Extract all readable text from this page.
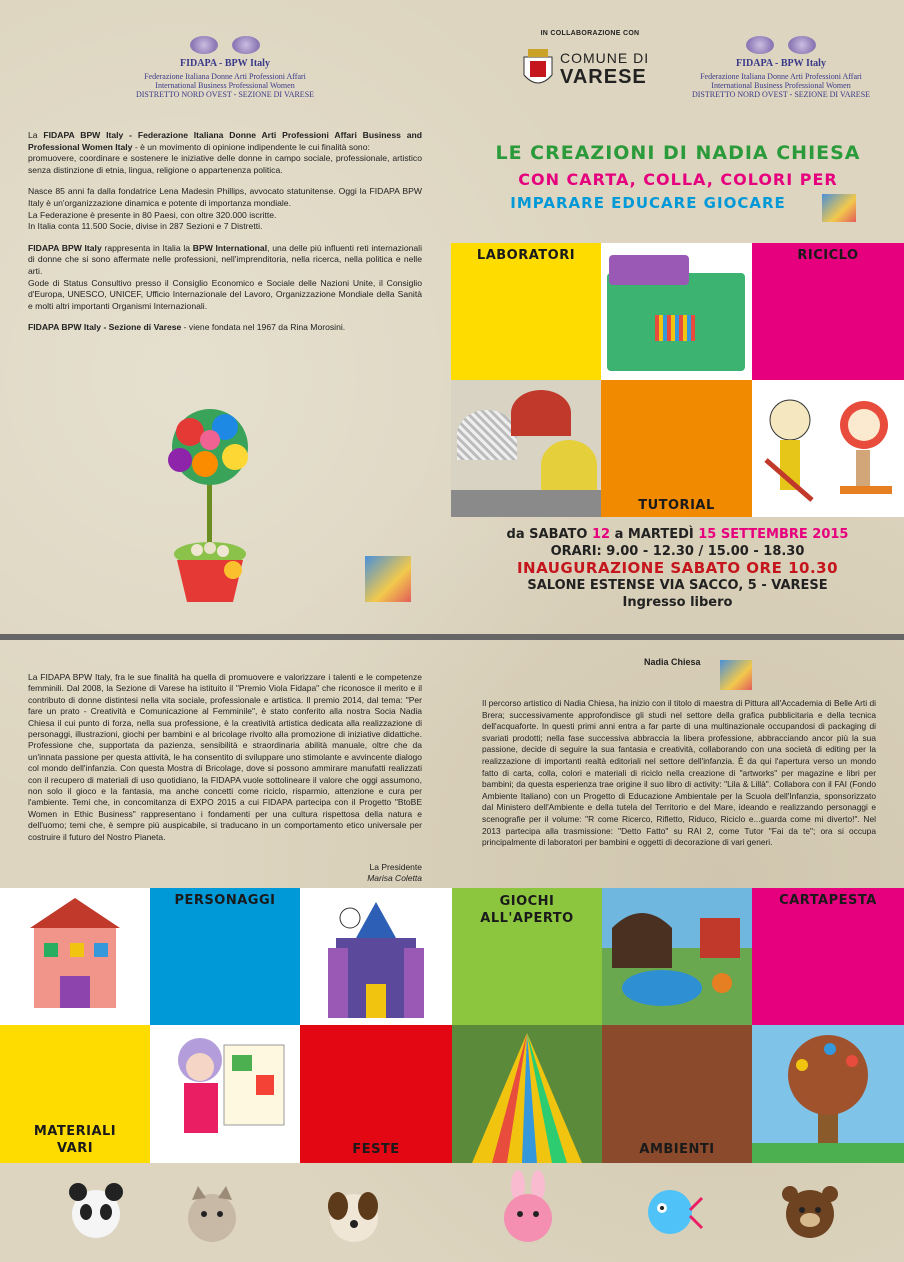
FIDAPA - BPW Italy
Federazione Italiana Donne Arti Professioni Affari
International Business Professional Women
DISTRETTO NORD OVEST - SEZIONE DI VARESE

La FIDAPA BPW Italy - Federazione Italiana Donne Arti Professioni Affari Business and Professional Women Italy - è un movimento di opinione indipendente le cui finalità sono:
promuovere, coordinare e sostenere le iniziative delle donne in campo sociale, professionale, artistico senza distinzione di etnia, lingua, religione o appartenenza politica.

Nasce 85 anni fa dalla fondatrice Lena Madesin Phillips, avvocato statunitense. Oggi la FIDAPA BPW Italy è un'organizzazione dinamica e potente di importanza mondiale.
La Federazione è presente in 80 Paesi, con oltre 320.000 iscritte.
In Italia conta 11.500 Socie, divise in 287 Sezioni e 7 Distretti.

FIDAPA BPW Italy rappresenta in Italia la BPW International, una delle più influenti reti internazionali di donne che si sono affermate nelle professioni, nell'imprenditoria, nella ricerca, nella politica e nelle arti.
Gode di Status Consultivo presso il Consiglio Economico e Sociale delle Nazioni Unite, il Consiglio d'Europa, UNESCO, UNICEF, Ufficio Internazionale del Lavoro, Organizzazione Mondiale della Sanità e molti altri importanti Organismi Internazionali.

FIDAPA BPW Italy - Sezione di Varese - viene fondata nel 1967 da Rina Morosini.

IN COLLABORAZIONE CON
COMUNE DI
VARESE
FIDAPA - BPW Italy
Federazione Italiana Donne Arti Professioni Affari
International Business Professional Women
DISTRETTO NORD OVEST - SEZIONE DI VARESE
LE CREAZIONI DI NADIA CHIESA
CON CARTA, COLLA, COLORI PER
IMPARARE EDUCARE GIOCARE
LABORATORI	RICICLO
TUTORIAL
da SABATO 12 a MARTEDÌ 15 SETTEMBRE 2015
ORARI: 9.00 - 12.30 / 15.00 - 18.30
INAUGURAZIONE SABATO ORE 10.30
SALONE ESTENSE VIA SACCO, 5 - VARESE
Ingresso libero
La FIDAPA BPW Italy, fra le sue finalità ha quella di promuovere e valorizzare i talenti e le competenze femminili. Dal 2008, la Sezione di Varese ha istituito il "Premio Viola Fidapa" che riconosce il merito e il contributo di donne distintesi nella vita sociale, professionale e artistica. Il premio 2014, dal tema: "Per fare un prato - Creatività e Comunicazione al Femminile", è stato conferito alla nostra Socia Nadia Chiesa il cui punto di forza, nella sua professione, è la creatività artistica dedicata alla realizzazione di personaggi, illustrazioni, giochi per bambini e al bricolage rivolto alla promozione di iniziative didattiche. Professione che, supportata da pazienza, sensibilità e straordinaria abilità manuale, oltre che da un'innata passione per questa attività, le ha consentito di sviluppare uno stimolante e avvincente dialogo col mondo dell'infanzia. Con questa Mostra di Bricolage, dove si possono ammirare manufatti realizzati con il recupero di materiali di uso quotidiano, la FIDAPA vuole sottolineare il valore che oggi assumono, non solo il gioco e la fantasia, ma anche concetti come riciclo, risparmio, attenzione e cura per l'ambiente. Temi che, in concomitanza di EXPO 2015 a cui FIDAPA partecipa con il Progetto "BtoBE Women in Ethic Business" rappresentano i fondamenti per una cultura rispettosa della natura e dell'uomo; temi che, è sempre più auspicabile, si traducano in un comportamento etico universale per costruire il futuro del Nostro Pianeta.
La Presidente
Marisa Coletta
Nadia Chiesa
Il percorso artistico di Nadia Chiesa, ha inizio con il titolo di maestra di Pittura all'Accademia di Belle Arti di Brera; successivamente approfondisce gli studi nel settore della grafica pubblicitaria e della tecnica dell'acquaforte. In questi primi anni entra a far parte di una multinazionale occupandosi di packaging di svariati prodotti; nella fase successiva abbraccia la libera professione, abbracciando ancor più la sua passione, decide di seguire la sua fantasia e creatività, collaborando con una società di editing per la realizzazione di importanti realtà editoriali nel settore dell'infanzia. È da qui l'apertura verso un mondo fatto di carta, colla, colori e materiali di riciclo nella creazione di "artworks" per magazine e libri per bambini; da questa esperienza trae origine il suo libro di activity: "Lila & Lillà". Collabora con il FAI (Fondo Ambiente Italiano) con un Progetto di Educazione Ambientale per la Scuola dell'Infanzia, sponsorizzato dal Ministero dell'Ambiente e della tutela del Territorio e del Mare, ideando e realizzando personaggi e scenografie per il volume: "R come Ricerco, Rifletto, Riduco, Riciclo e...guarda come mi diverto!". Nel 2013 partecipa alla trasmissione: "Detto Fatto" su RAI 2, come Tutor "Fai da te"; ora si occupa principalmente di laboratori per bambini e oggetti di decorazione di vari generi.
PERSONAGGI	GIOCHI
ALL'APERTO
CARTAPESTA
MATERIALI
VARI	FESTE	AMBIENTI
